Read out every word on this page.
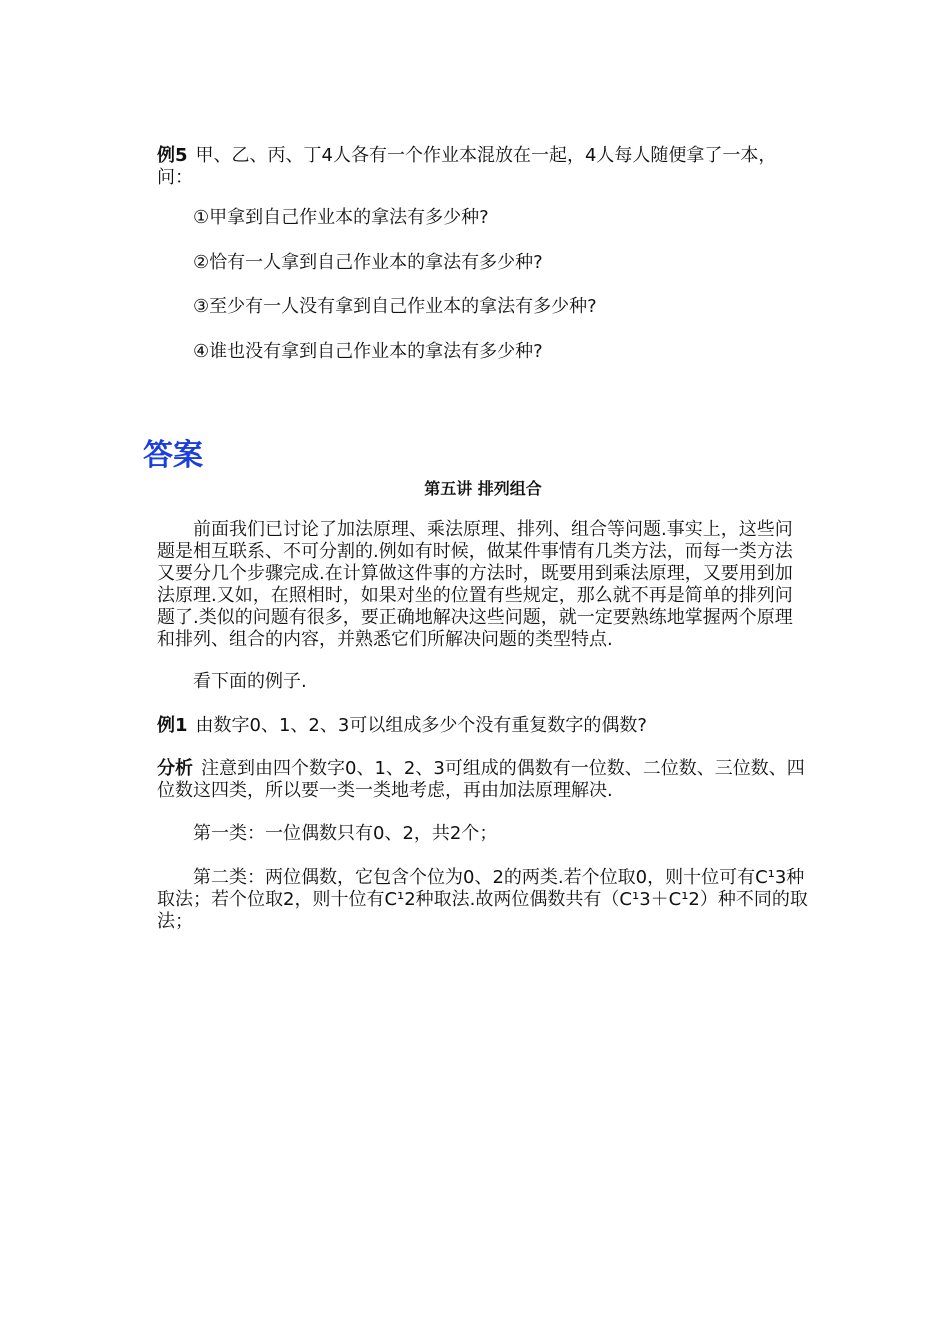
例5 甲、乙、丙、丁4人各有一个作业本混放在一起，4人每人随便拿了一本，问：

①甲拿到自己作业本的拿法有多少种?

②恰有一人拿到自己作业本的拿法有多少种?

③至少有一人没有拿到自己作业本的拿法有多少种?

④谁也没有拿到自己作业本的拿法有多少种?

答案
第五讲 排列组合

前面我们已讨论了加法原理、乘法原理、排列、组合等问题.事实上，这些问题是相互联系、不可分割的.例如有时候，做某件事情有几类方法，而每一类方法又要分几个步骤完成.在计算做这件事的方法时，既要用到乘法原理，又要用到加法原理.又如，在照相时，如果对坐的位置有些规定，那么就不再是简单的排列问题了.类似的问题有很多，要正确地解决这些问题，就一定要熟练地掌握两个原理和排列、组合的内容，并熟悉它们所解决问题的类型特点.

看下面的例子.

例1 由数字0、1、2、3可以组成多少个没有重复数字的偶数?

分析 注意到由四个数字0、1、2、3可组成的偶数有一位数、二位数、三位数、四位数这四类，所以要一类一类地考虑，再由加法原理解决.

第一类：一位偶数只有0、2，共2个；

第二类：两位偶数，它包含个位为0、2的两类.若个位取0，则十位可有C¹3种取法；若个位取2，则十位有C¹2种取法.故两位偶数共有（C¹3＋C¹2）种不同的取法；
